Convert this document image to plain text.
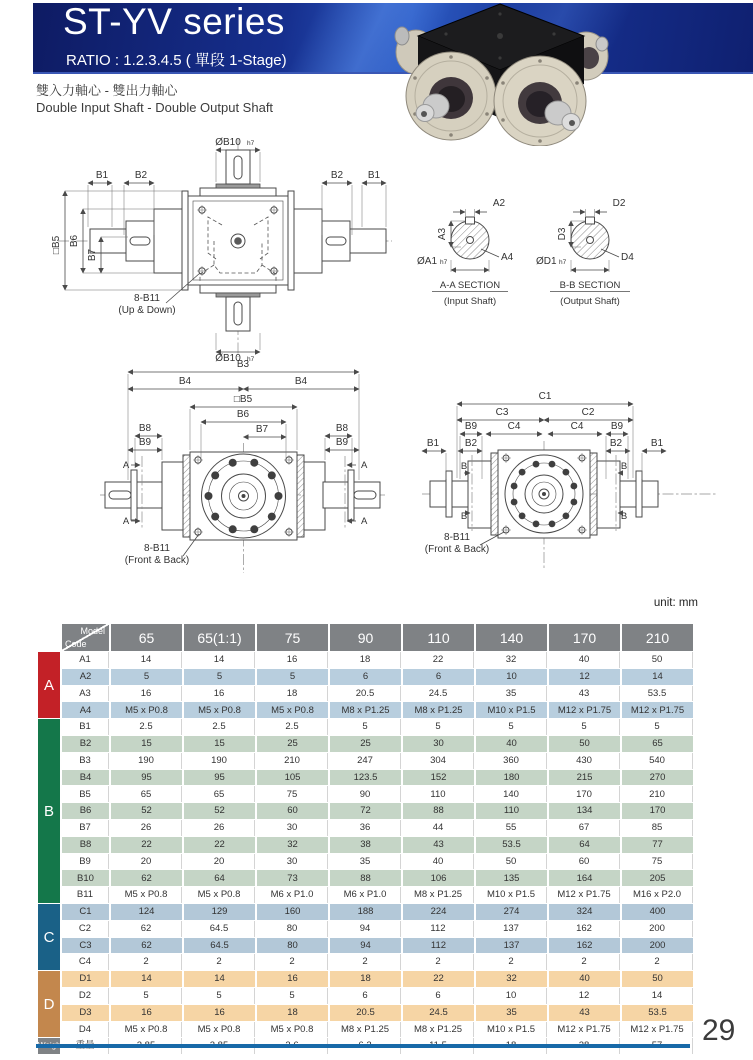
ST-YV series
RATIO : 1.2.3.4.5 ( 單段 1-Stage)
雙入力軸心 - 雙出力軸心
Double Input Shaft - Double Output Shaft
ØB10 h7
ØB10 h7
B1	B2	B2 B1
□B5 B6
B7
8-B11
(Up & Down)
A2
A3
ØA1 h7	A4
A-A SECTION
(Input Shaft)
D2
D3
ØD1 h7	D4
B-B SECTION
(Output Shaft)
B3
B4	B4
□B5
B6
B7
B8
B9
B8
B9
A
A
A
A
8-B11
(Front & Back)
C1
C3	C2
B9	C4	C4	B9
B1	B2	B2	B1
B
B
B
B
8-B11
(Front & Back)
unit: mm

	Model
Code	65	65(1:1)	75	90	110	140	170	210
A	A1	14	14	16	18	22	32	40	50
	A2	5	5	5	6	6	10	12	14
	A3	16	16	18	20.5	24.5	35	43	53.5
	A4	M5 x P0.8	M5 x P0.8	M5 x P0.8	M8 x P1.25	M8 x P1.25	M10 x P1.5	M12 x P1.75	M12 x P1.75
B	B1	2.5	2.5	2.5	5	5	5	5	5
	B2	15	15	25	25	30	40	50	65
	B3	190	190	210	247	304	360	430	540
	B4	95	95	105	123.5	152	180	215	270
	B5	65	65	75	90	110	140	170	210
	B6	52	52	60	72	88	110	134	170
	B7	26	26	30	36	44	55	67	85
	B8	22	22	32	38	43	53.5	64	77
	B9	20	20	30	35	40	50	60	75
	B10	62	64	73	88	106	135	164	205
	B11	M5 x P0.8	M5 x P0.8	M6 x P1.0	M6 x P1.0	M8 x P1.25	M10 x P1.5	M12 x P1.75	M16 x P2.0
C	C1	124	129	160	188	224	274	324	400
	C2	62	64.5	80	94	112	137	162	200
	C3	62	64.5	80	94	112	137	162	200
	C4	2	2	2	2	2	2	2	2
D	D1	14	14	16	18	22	32	40	50
	D2	5	5	5	6	6	10	12	14
	D3	16	16	18	20.5	24.5	35	43	53.5
	D4	M5 x P0.8	M5 x P0.8	M5 x P0.8	M8 x P1.25	M8 x P1.25	M10 x P1.5	M12 x P1.75	M12 x P1.75
									29
